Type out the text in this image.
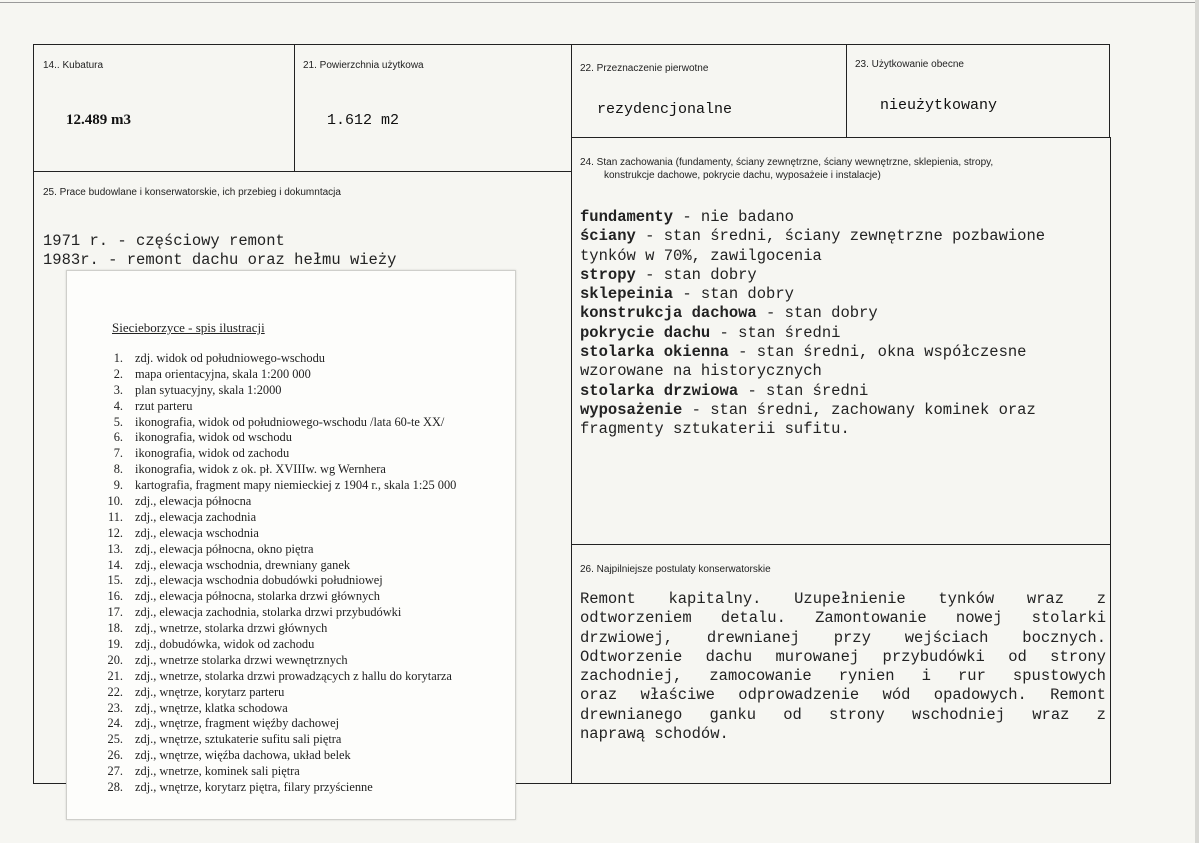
14.. Kubatura
12.489 m3
21. Powierzchnia użytkowa
1.612 m2
25. Prace budowlane i konserwatorskie, ich przebieg i dokumntacja
1971 r. - częściowy remont
1983r. - remont dachu oraz hełmu wieży
22. Przeznaczenie pierwotne
rezydencjonalne
23. Użytkowanie obecne
nieużytkowany
24. Stan zachowania (fundamenty, ściany zewnętrzne, ściany wewnętrzne, sklepienia, stropy,
konstrukcje dachowe, pokrycie dachu, wyposażeie i instalacje)
fundamenty - nie badano
ściany - stan średni, ściany zewnętrzne pozbawione
tynków w 70%, zawilgocenia
stropy - stan dobry
sklepeinia - stan dobry
konstrukcja dachowa - stan dobry
pokrycie dachu - stan średni
stolarka okienna - stan średni, okna współczesne
wzorowane na historycznych
stolarka drzwiowa - stan średni
wyposażenie - stan średni, zachowany kominek oraz
fragmenty sztukaterii sufitu.
26. Najpilniejsze postulaty konserwatorskie
Remont kapitalny. Uzupełnienie tynków wraz z
odtworzeniem detalu. Zamontowanie nowej stolarki
drzwiowej, drewnianej przy wejściach bocznych.
Odtworzenie dachu murowanej przybudówki od strony
zachodniej, zamocowanie rynien i rur spustowych
oraz właściwe odprowadzenie wód opadowych. Remont
drewnianego ganku od strony wschodniej wraz z
naprawą schodów.
Siecieborzyce - spis ilustracji
1. zdj. widok od południowego-wschodu
2. mapa orientacyjna, skala 1:200 000
3. plan sytuacyjny, skala 1:2000
4. rzut parteru
5. ikonografia, widok od południowego-wschodu /lata 60-te XX/
6. ikonografia, widok od wschodu
7. ikonografia, widok od zachodu
8. ikonografia, widok z ok. pł. XVIIIw. wg Wernhera
9. kartografia, fragment mapy niemieckiej z 1904 r., skala 1:25 000
10. zdj., elewacja północna
11. zdj., elewacja zachodnia
12. zdj., elewacja wschodnia
13. zdj., elewacja północna, okno piętra
14. zdj., elewacja wschodnia, drewniany ganek
15. zdj., elewacja wschodnia dobudówki południowej
16. zdj., elewacja północna, stolarka drzwi głównych
17. zdj., elewacja zachodnia, stolarka drzwi przybudówki
18. zdj., wnetrze, stolarka drzwi głównych
19. zdj., dobudówka, widok od zachodu
20. zdj., wnetrze stolarka drzwi wewnętrznych
21. zdj., wnetrze, stolarka drzwi prowadzących z hallu do korytarza
22. zdj., wnętrze, korytarz parteru
23. zdj., wnętrze, klatka schodowa
24. zdj., wnętrze, fragment więźby dachowej
25. zdj., wnętrze, sztukaterie sufitu sali piętra
26. zdj., wnętrze, więźba dachowa, układ belek
27. zdj., wnetrze, kominek sali piętra
28. zdj., wnętrze, korytarz piętra, filary przyścienne
